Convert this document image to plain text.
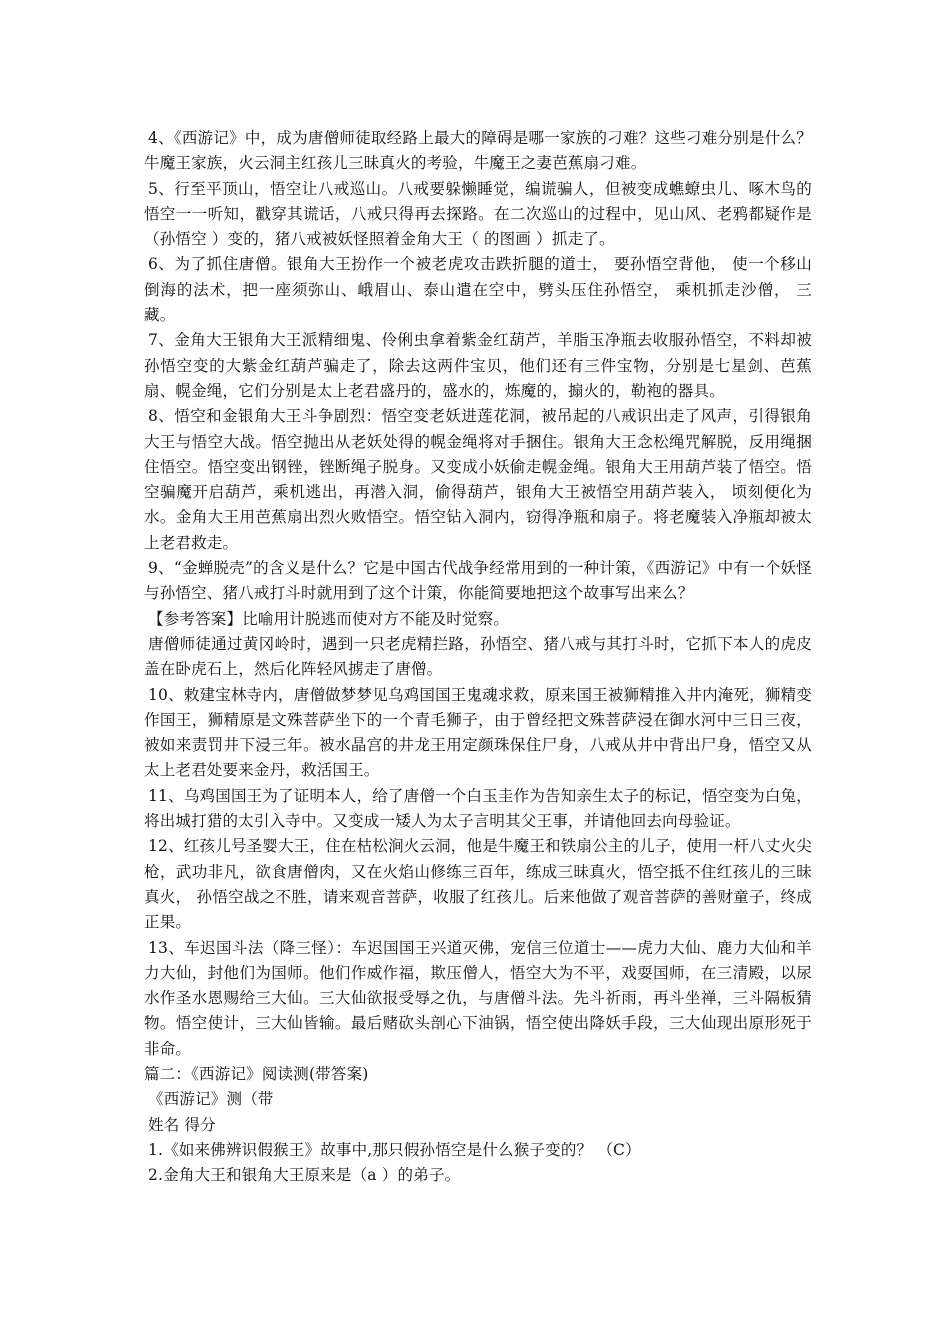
4、《西游记》中，成为唐僧师徒取经路上最大的障碍是哪一家族的刁难？这些刁难分别是什么？牛魔王家族，火云洞主红孩儿三昧真火的考验，牛魔王之妻芭蕉扇刁难。

5、行至平顶山，悟空让八戒巡山。八戒要躲懒睡觉，编谎骗人，但被变成蟭蟟虫儿、啄木鸟的悟空一一听知，戳穿其谎话，八戒只得再去探路。在二次巡山的过程中，见山风、老鸦都疑作是（孙悟空 ）变的，猪八戒被妖怪照着金角大王（ 的图画 ）抓走了。

6、为了抓住唐僧。银角大王扮作一个被老虎攻击跌折腿的道士， 要孙悟空背他， 使一个移山倒海的法术，把一座须弥山、峨眉山、泰山遣在空中，劈头压住孙悟空， 乘机抓走沙僧， 三藏。

7、金角大王银角大王派精细鬼、伶俐虫拿着紫金红葫芦，羊脂玉净瓶去收服孙悟空，不料却被孙悟空变的大紫金红葫芦骗走了，除去这两件宝贝，他们还有三件宝物，分别是七星剑、芭蕉扇、幌金绳，它们分别是太上老君盛丹的，盛水的，炼魔的，搧火的，勒袍的器具。

8、悟空和金银角大王斗争剧烈：悟空变老妖进莲花洞，被吊起的八戒识出走了风声，引得银角大王与悟空大战。悟空抛出从老妖处得的幌金绳将对手捆住。银角大王念松绳咒解脱，反用绳捆住悟空。悟空变出钢锉，锉断绳子脱身。又变成小妖偷走幌金绳。银角大王用葫芦装了悟空。悟空骗魔开启葫芦，乘机逃出，再潜入洞，偷得葫芦，银角大王被悟空用葫芦装入， 顷刻便化为水。金角大王用芭蕉扇出烈火败悟空。悟空钻入洞内，窃得净瓶和扇子。将老魔装入净瓶却被太上老君救走。

9、“金蝉脱壳”的含义是什么？它是中国古代战争经常用到的一种计策，《西游记》中有一个妖怪与孙悟空、猪八戒打斗时就用到了这个计策，你能简要地把这个故事写出来么？

【参考答案】比喻用计脱逃而使对方不能及时觉察。

唐僧师徒通过黄冈岭时，遇到一只老虎精拦路，孙悟空、猪八戒与其打斗时，它抓下本人的虎皮盖在卧虎石上，然后化阵轻风掳走了唐僧。

10、敕建宝林寺内，唐僧做梦梦见乌鸡国国王鬼魂求救，原来国王被狮精推入井内淹死，狮精变作国王，狮精原是文殊菩萨坐下的一个青毛狮子，由于曾经把文殊菩萨浸在御水河中三日三夜，被如来责罚井下浸三年。被水晶宫的井龙王用定颜珠保住尸身，八戒从井中背出尸身，悟空又从太上老君处要来金丹，救活国王。

11、乌鸡国国王为了证明本人，给了唐僧一个白玉圭作为告知亲生太子的标记，悟空变为白兔，将出城打猎的太引入寺中。又变成一矮人为太子言明其父王事，并请他回去向母验证。

12、红孩儿号圣婴大王，住在枯松涧火云洞，他是牛魔王和铁扇公主的儿子，使用一杆八丈火尖枪，武功非凡，欲食唐僧肉，又在火焰山修练三百年，练成三昧真火，悟空抵不住红孩儿的三昧真火， 孙悟空战之不胜，请来观音菩萨，收服了红孩儿。后来他做了观音菩萨的善财童子，终成正果。

13、车迟国斗法（降三怪）：车迟国国王兴道灭佛，宠信三位道士——虎力大仙、鹿力大仙和羊力大仙，封他们为国师。他们作威作福，欺压僧人，悟空大为不平，戏耍国师，在三清殿，以尿水作圣水恩赐给三大仙。三大仙欲报受辱之仇，与唐僧斗法。先斗祈雨，再斗坐禅，三斗隔板猜物。悟空使计，三大仙皆输。最后赌砍头剖心下油锅，悟空使出降妖手段，三大仙现出原形死于非命。

篇二：《西游记》阅读测(带答案)

《西游记》测（带

姓名 得分

1.《如来佛辨识假猴王》故事中,那只假孙悟空是什么猴子变的？ （C）

2.金角大王和银角大王原来是（a ）的弟子。
